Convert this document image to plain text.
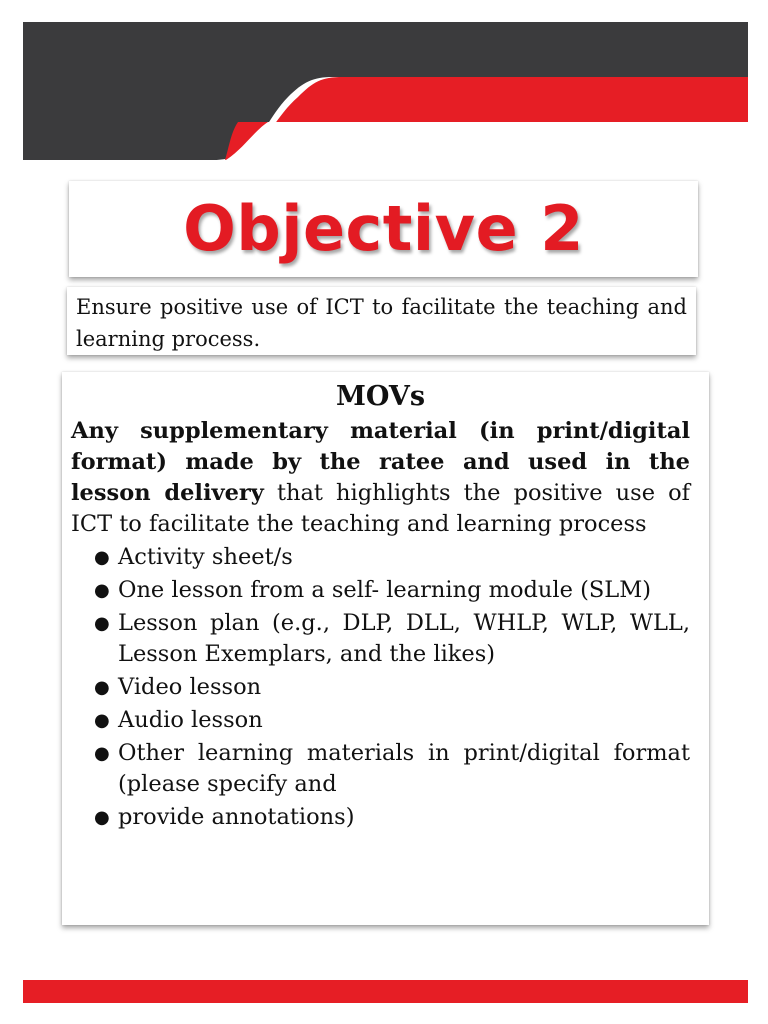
Objective 2

Ensure positive use of ICT to facilitate the teaching and learning process.

MOVs

Any supplementary material (in print/digital format) made by the ratee and used in the lesson delivery that highlights the positive use of ICT to facilitate the teaching and learning process

● Activity sheet/s
● One lesson from a self- learning module (SLM)
● Lesson plan (e.g., DLP, DLL, WHLP, WLP, WLL, Lesson Exemplars, and the likes)
● Video lesson
● Audio lesson
● Other learning materials in print/digital format (please specify and
● provide annotations)
